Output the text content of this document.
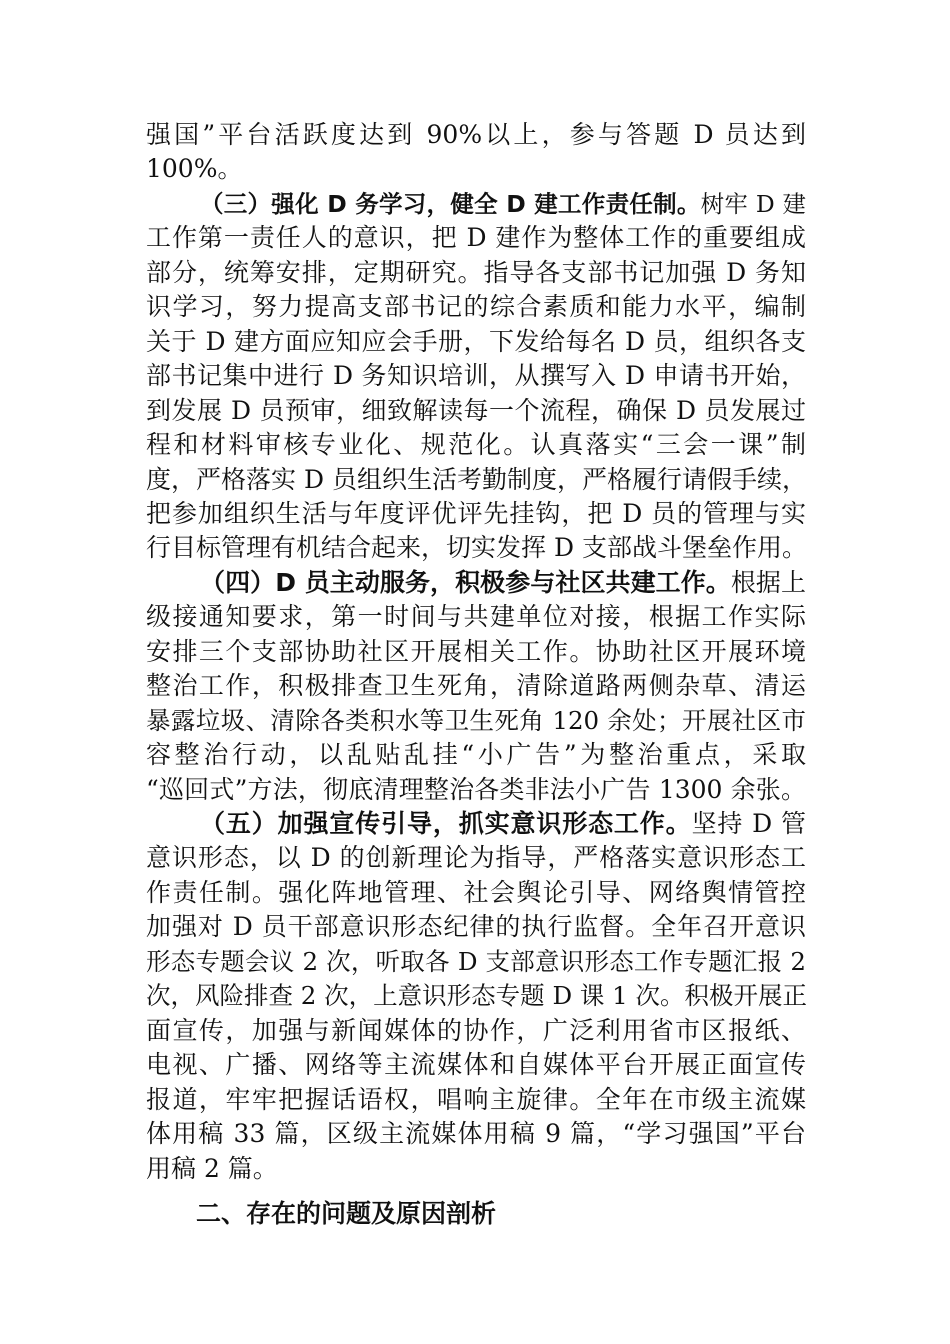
强国”平台活跃度达到 90%以上，参与答题 D 员达到
100%。
（三）强化 D 务学习，健全 D 建工作责任制。树牢 D 建
工作第一责任人的意识，把 D 建作为整体工作的重要组成
部分，统筹安排，定期研究。指导各支部书记加强 D 务知
识学习，努力提高支部书记的综合素质和能力水平，编制
关于 D 建方面应知应会手册，下发给每名 D 员，组织各支
部书记集中进行 D 务知识培训，从撰写入 D 申请书开始，
到发展 D 员预审，细致解读每一个流程，确保 D 员发展过
程和材料审核专业化、规范化。认真落实“三会一课”制
度，严格落实 D 员组织生活考勤制度，严格履行请假手续，
把参加组织生活与年度评优评先挂钩，把 D 员的管理与实
行目标管理有机结合起来，切实发挥 D 支部战斗堡垒作用。
（四）D 员主动服务，积极参与社区共建工作。根据上
级接通知要求，第一时间与共建单位对接，根据工作实际
安排三个支部协助社区开展相关工作。协助社区开展环境
整治工作，积极排查卫生死角，清除道路两侧杂草、清运
暴露垃圾、清除各类积水等卫生死角 120 余处；开展社区市
容整治行动，以乱贴乱挂“小广告”为整治重点，采取
“巡回式”方法，彻底清理整治各类非法小广告 1300 余张。
（五）加强宣传引导，抓实意识形态工作。坚持 D 管
意识形态，以 D 的创新理论为指导，严格落实意识形态工
作责任制。强化阵地管理、社会舆论引导、网络舆情管控
加强对 D 员干部意识形态纪律的执行监督。全年召开意识
形态专题会议 2 次，听取各 D 支部意识形态工作专题汇报 2
次，风险排查 2 次，上意识形态专题 D 课 1 次。积极开展正
面宣传，加强与新闻媒体的协作，广泛利用省市区报纸、
电视、广播、网络等主流媒体和自媒体平台开展正面宣传
报道，牢牢把握话语权，唱响主旋律。全年在市级主流媒
体用稿 33 篇，区级主流媒体用稿 9 篇，“学习强国”平台
用稿 2 篇。
二、存在的问题及原因剖析
